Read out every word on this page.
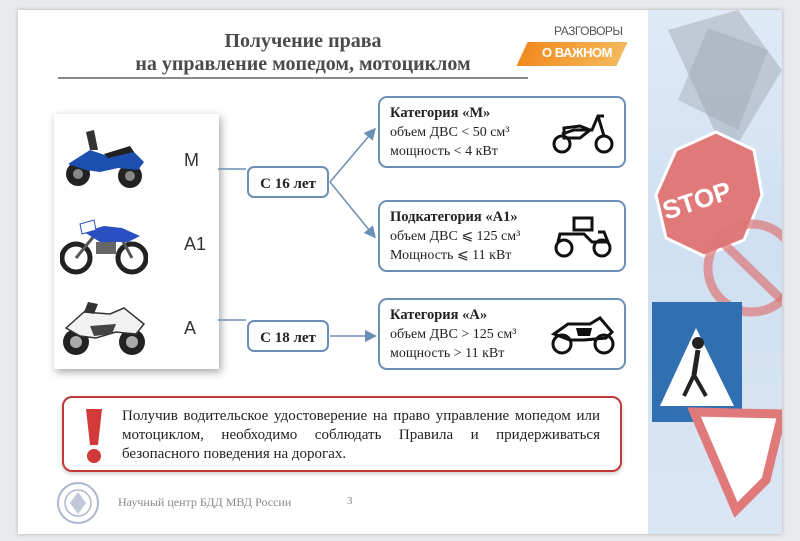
STOP
Получение права
на управление мопедом, мотоциклом
РАЗГОВОРЫ
О ВАЖНОМ
M
A1
A
С 16 лет
С 18 лет
Категория «М»
объем ДВС < 50 см³
мощность < 4 кВт
Подкатегория «А1»
объем ДВС ⩽ 125 см³
Мощность ⩽ 11 кВт
Категория «А»
объем ДВС > 125 см³
мощность > 11 кВт
Получив водительское удостоверение на право управление мопедом или мотоциклом, необходимо соблюдать Правила и придерживаться безопасного поведения на дорогах.
Научный центр БДД МВД России	3
